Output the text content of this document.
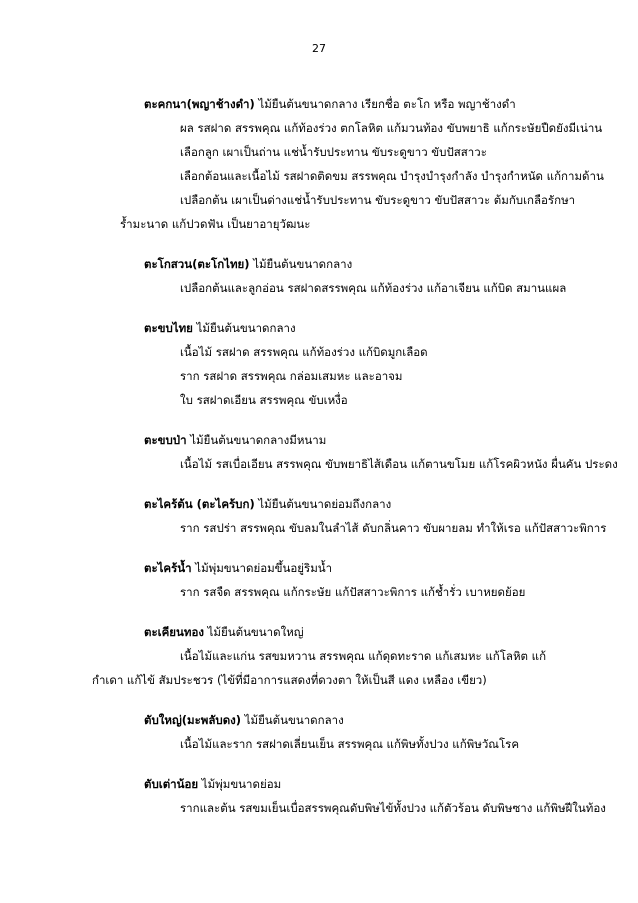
27
ตะคกนา(พญาช้างดำ) ไม้ยืนต้นขนาดกลาง เรียกชื่อ ตะโก หรือ พญาช้างดำ
ผล รสฝาด สรรพคุณ แก้ท้องร่วง ตกโลหิต แก้มวนท้อง ขับพยาธิ แก้กระษัยปืดยังมีเน่าน
เลือกลูก เผาเป็นถ่าน แช่น้ำรับประทาน ขับระดูขาว ขับปัสสาวะ
เลือกต้อนและเนื้อไม้ รสฝาดติดขม สรรพคุณ บำรุงบำรุงกำลัง บำรุงกำหนัด แก้กามด้าน
เปลือกต้น เผาเป็นด่างแช่น้ำรับประทาน ขับระดูขาว ขับปัสสาวะ ต้มกับเกลือรักษา
ร้ำมะนาด แก้ปวดฟัน เป็นยาอายุวัฒนะ
ตะโกสวน(ตะโกไทย) ไม้ยืนต้นขนาดกลาง
เปลือกต้นและลูกอ่อน รสฝาดสรรพคุณ แก้ท้องร่วง แก้อาเจียน แก้บิด สมานแผล
ตะขบไทย ไม้ยืนต้นขนาดกลาง
เนื้อไม้ รสฝาด สรรพคุณ แก้ท้องร่วง แก้บิดมูกเลือด
ราก รสฝาด สรรพคุณ กล่อมเสมหะ และอาจม
ใบ รสฝาดเอียน สรรพคุณ ขับเหงื่อ
ตะขบป่า ไม้ยืนต้นขนาดกลางมีหนาม
เนื้อไม้ รสเบื่อเอียน สรรพคุณ ขับพยาธิไส้เดือน แก้ตานขโมย แก้โรคผิวหนัง ผื่นคัน ประดง
ตะไคร้ต้น (ตะไคร้บก) ไม้ยืนต้นขนาดย่อมถึงกลาง
ราก รสปร่า สรรพคุณ ขับลมในลำไส้ ดับกลิ่นคาว ขับผายลม ทำให้เรอ แก้ปัสสาวะพิการ
ตะไคร้น้ำ ไม้พุ่มขนาดย่อมขึ้นอยู่ริมน้ำ
ราก รสจืด สรรพคุณ แก้กระษัย แก้ปัสสาวะพิการ แก้ช้ำรั่ว เบาหยดย้อย
ตะเคียนทอง ไม้ยืนต้นขนาดใหญ่
เนื้อไม้และแก่น รสขมหวาน สรรพคุณ แก้ดุดทะราด แก้เสมหะ แก้โลหิต แก้
กำเดา แก้ไข้ สัมประชวร (ไข้ที่มีอาการแสดงที่ดวงตา ให้เป็นสี แดง เหลือง เขียว)
ตับใหญ่(มะพลับดง) ไม้ยืนต้นขนาดกลาง
เนื้อไม้และราก รสฝาดเลี่ยนเย็น สรรพคุณ แก้พิษทั้งปวง แก้พิษวัณโรค
ตับเต่าน้อย ไม้พุ่มขนาดย่อม
รากและต้น รสขมเย็นเบื่อสรรพคุณดับพิษไข้ทั้งปวง แก้ตัวร้อน ดับพิษซาง แก้พิษฝีในท้อง
